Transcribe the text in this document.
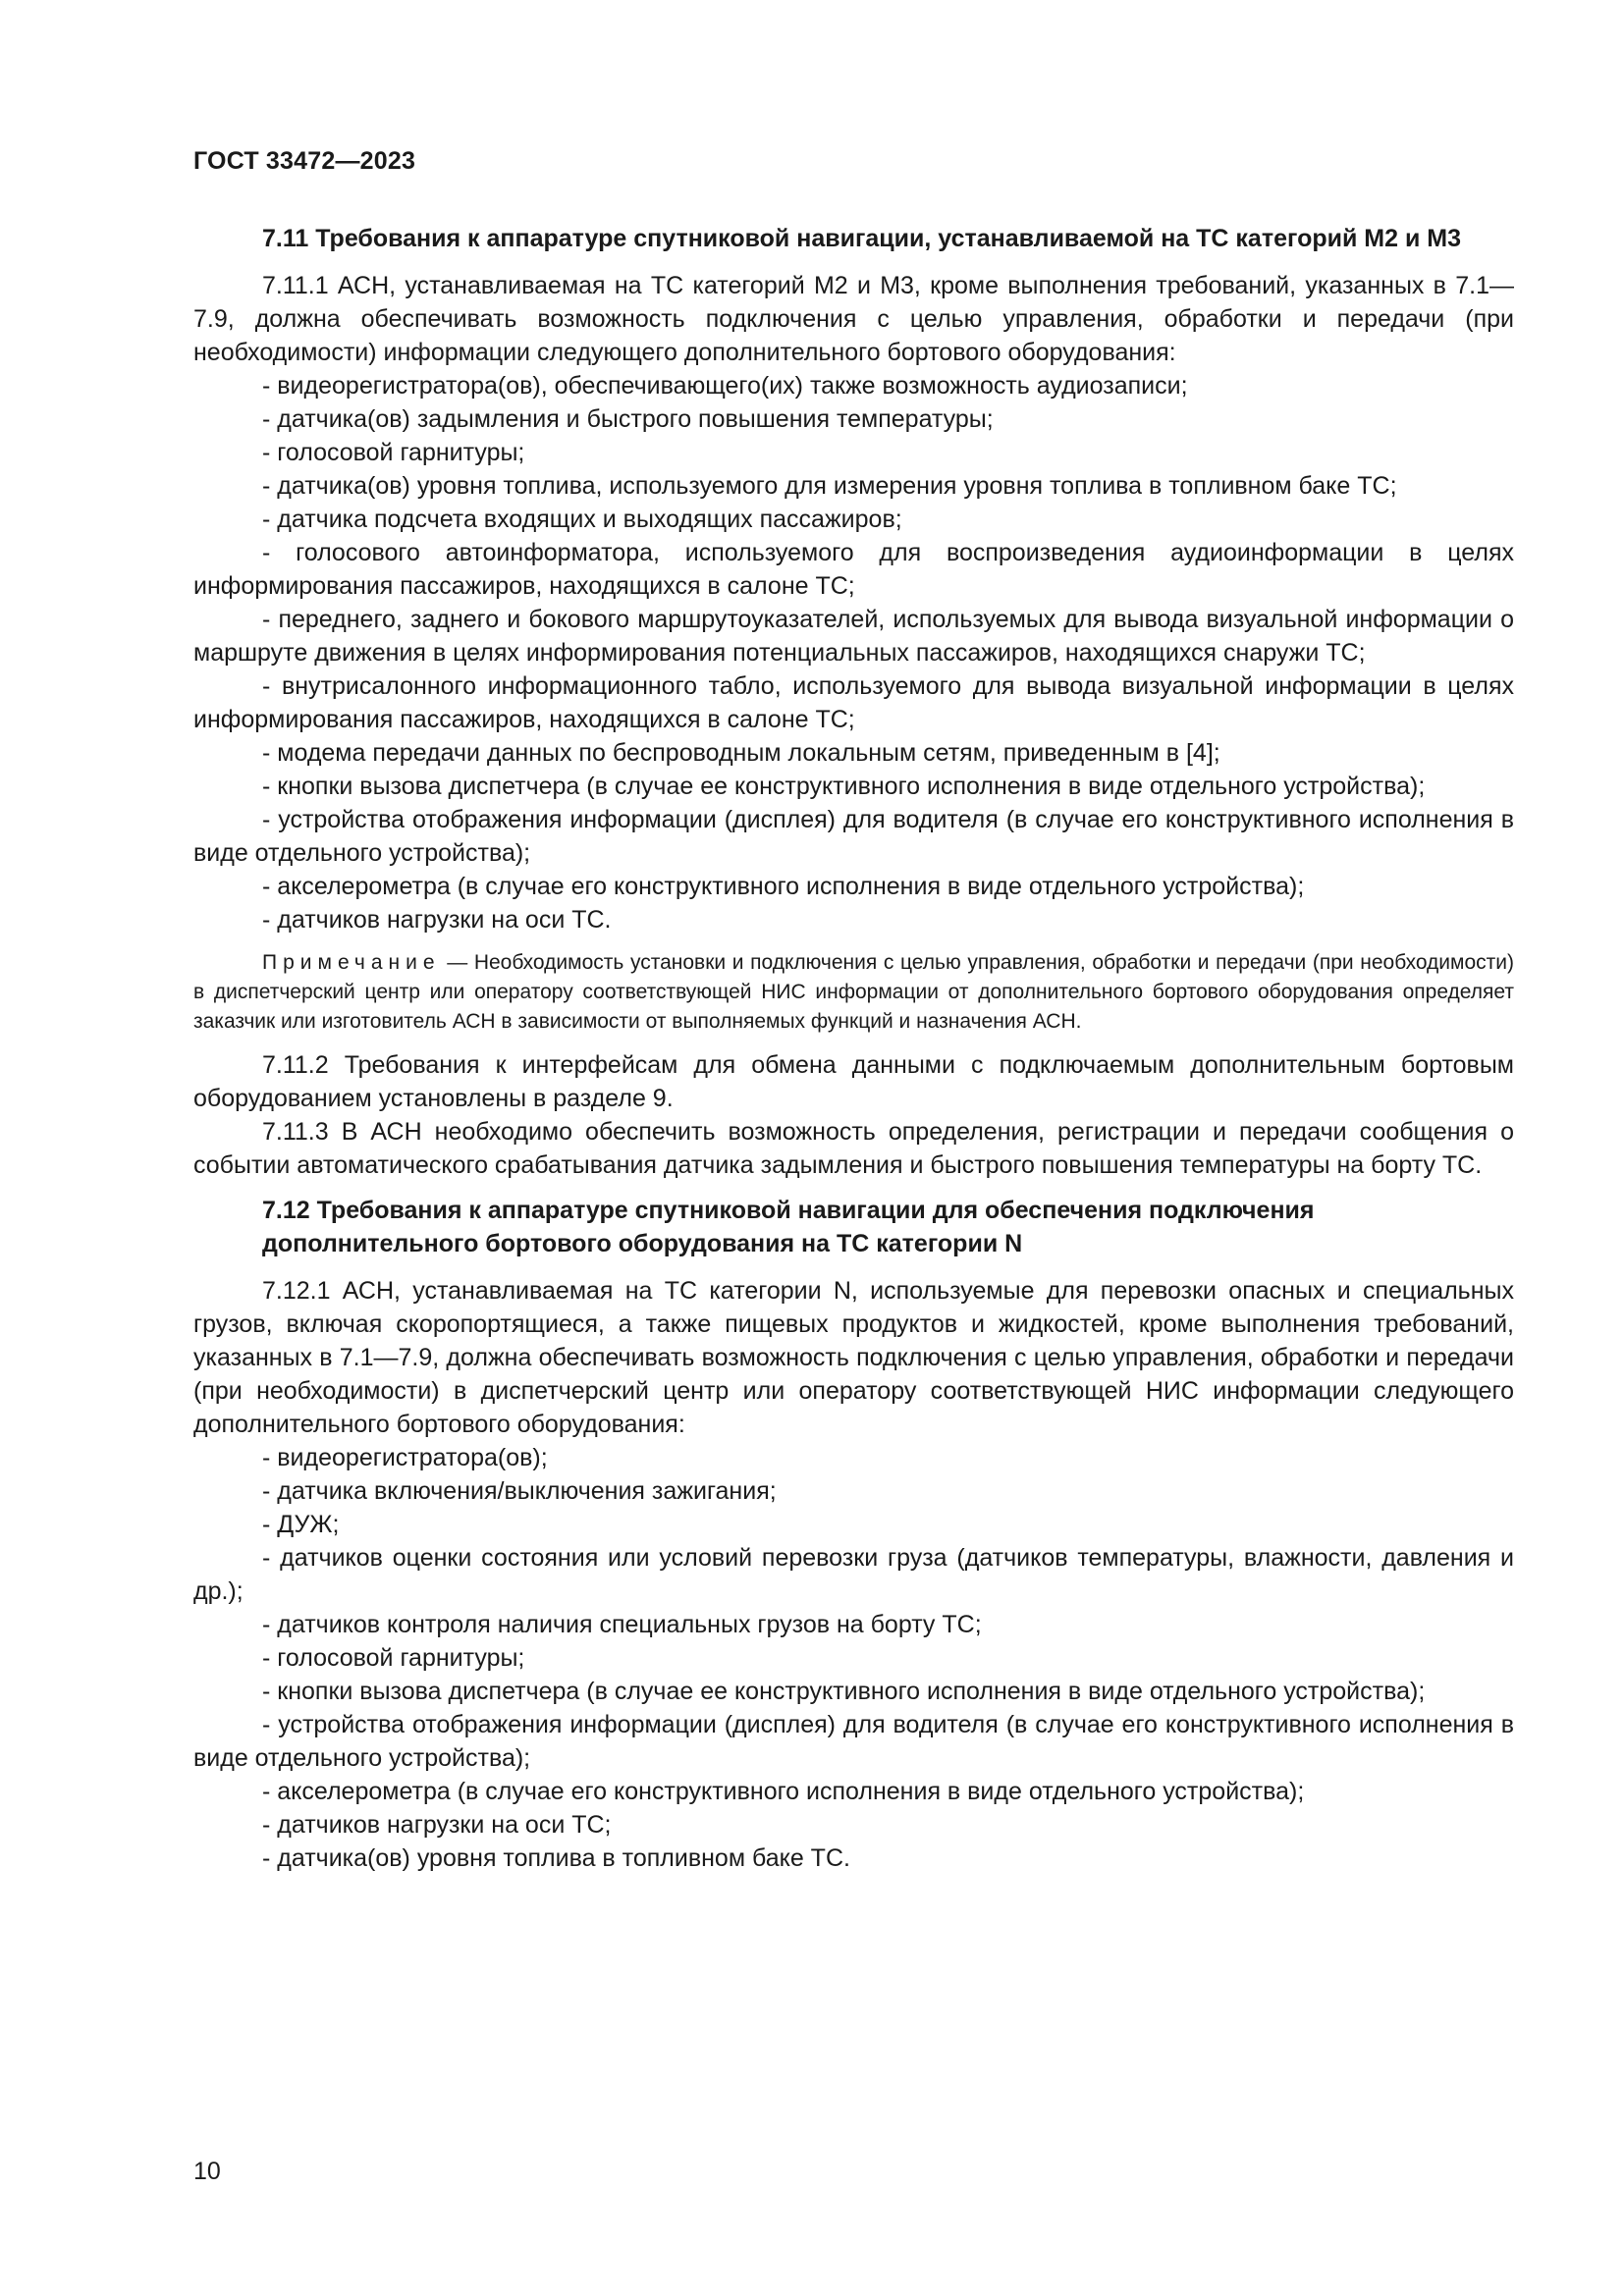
ГОСТ 33472—2023
7.11 Требования к аппаратуре спутниковой навигации, устанавливаемой на ТС категорий М2 и М3

7.11.1 АСН, устанавливаемая на ТС категорий М2 и М3, кроме выполнения требований, указанных в 7.1—7.9, должна обеспечивать возможность подключения с целью управления, обработки и передачи (при необходимости) информации следующего дополнительного бортового оборудования:

- видеорегистратора(ов), обеспечивающего(их) также возможность аудиозаписи;

- датчика(ов) задымления и быстрого повышения температуры;

- голосовой гарнитуры;

- датчика(ов) уровня топлива, используемого для измерения уровня топлива в топливном баке ТС;

- датчика подсчета входящих и выходящих пассажиров;

- голосового автоинформатора, используемого для воспроизведения аудиоинформации в целях информирования пассажиров, находящихся в салоне ТС;

- переднего, заднего и бокового маршрутоуказателей, используемых для вывода визуальной информации о маршруте движения в целях информирования потенциальных пассажиров, находящихся снаружи ТС;

- внутрисалонного информационного табло, используемого для вывода визуальной информации в целях информирования пассажиров, находящихся в салоне ТС;

- модема передачи данных по беспроводным локальным сетям, приведенным в [4];

- кнопки вызова диспетчера (в случае ее конструктивного исполнения в виде отдельного устройства);

- устройства отображения информации (дисплея) для водителя (в случае его конструктивного исполнения в виде отдельного устройства);

- акселерометра (в случае его конструктивного исполнения в виде отдельного устройства);

- датчиков нагрузки на оси ТС.

Примечание — Необходимость установки и подключения с целью управления, обработки и передачи (при необходимости) в диспетчерский центр или оператору соответствующей НИС информации от дополнительного бортового оборудования определяет заказчик или изготовитель АСН в зависимости от выполняемых функций и назначения АСН.

7.11.2 Требования к интерфейсам для обмена данными с подключаемым дополнительным бортовым оборудованием установлены в разделе 9.

7.11.3 В АСН необходимо обеспечить возможность определения, регистрации и передачи сообщения о событии автоматического срабатывания датчика задымления и быстрого повышения температуры на борту ТС.

7.12 Требования к аппаратуре спутниковой навигации для обеспечения подключения дополнительного бортового оборудования на ТС категории N

7.12.1 АСН, устанавливаемая на ТС категории N, используемые для перевозки опасных и специальных грузов, включая скоропортящиеся, а также пищевых продуктов и жидкостей, кроме выполнения требований, указанных в 7.1—7.9, должна обеспечивать возможность подключения с целью управления, обработки и передачи (при необходимости) в диспетчерский центр или оператору соответствующей НИС информации следующего дополнительного бортового оборудования:

- видеорегистратора(ов);

- датчика включения/выключения зажигания;

- ДУЖ;

- датчиков оценки состояния или условий перевозки груза (датчиков температуры, влажности, давления и др.);

- датчиков контроля наличия специальных грузов на борту ТС;

- голосовой гарнитуры;

- кнопки вызова диспетчера (в случае ее конструктивного исполнения в виде отдельного устройства);

- устройства отображения информации (дисплея) для водителя (в случае его конструктивного исполнения в виде отдельного устройства);

- акселерометра (в случае его конструктивного исполнения в виде отдельного устройства);

- датчиков нагрузки на оси ТС;

- датчика(ов) уровня топлива в топливном баке ТС.

10
